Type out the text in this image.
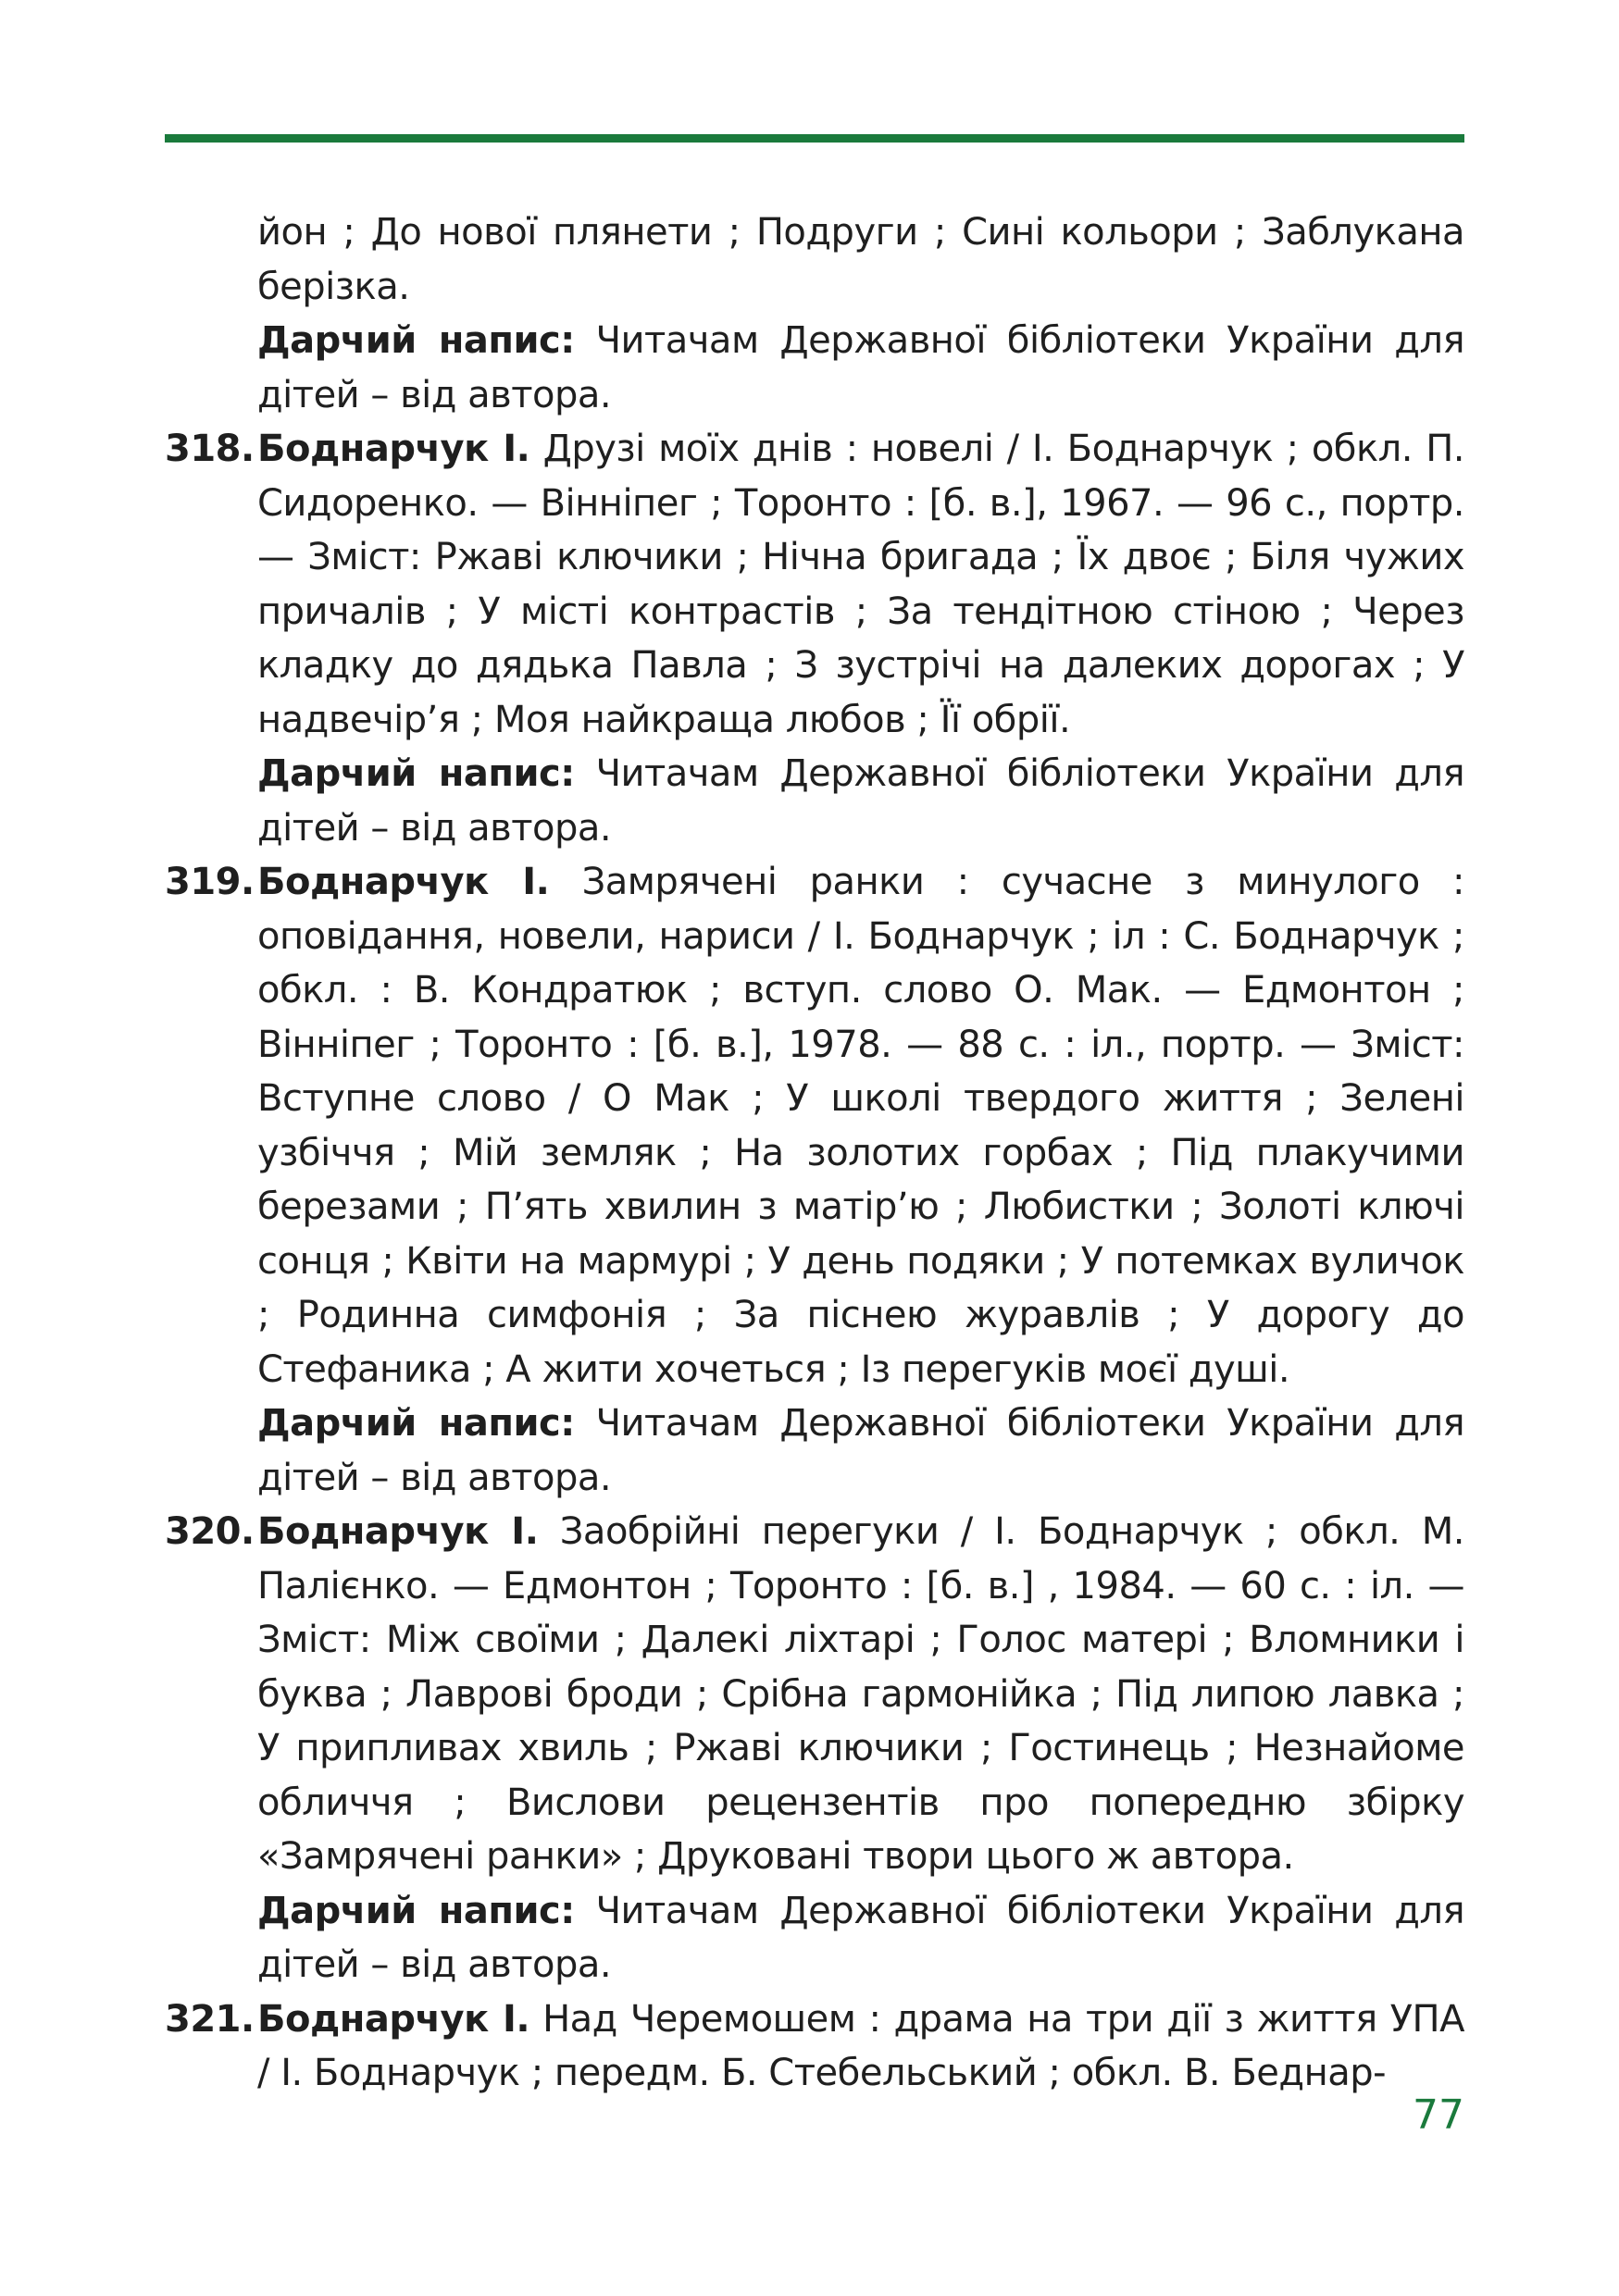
йон ; До нової плянети ; Подруги ; Сині кольори ; Заблукана берізка.

Дарчий напис: Читачам Державної бібліотеки України для дітей – від автора.

318.Боднарчук І. Друзі моїх днів : новелі / І. Боднарчук ; обкл. П. Сидоренко. — Вінніпег ; Торонто : [б. в.], 1967. — 96 с., портр. — Зміст: Ржаві ключики ; Нічна бригада ; Їх двоє ; Біля чужих причалів ; У місті контрастів ; За тендітною стіною ; Через кладку до дядька Павла ; З зустрічі на далеких дорогах ; У надвечір’я ; Моя найкраща любов ; Її обрії.

Дарчий напис: Читачам Державної бібліотеки України для дітей – від автора.

319.Боднарчук І. Замрячені ранки : сучасне з минулого : оповідання, новели, нариси / І. Боднарчук ; іл : С. Боднарчук ; обкл. : В. Кондратюк ; вступ. слово О. Мак. — Едмонтон ; Вінніпег ; Торонто : [б. в.], 1978. — 88 с. : іл., портр. — Зміст: Вступне слово / О Мак ; У школі твердого життя ; Зелені узбіччя ; Мій земляк ; На золотих горбах ; Під плакучими березами ; П’ять хвилин з матір’ю ; Любистки ; Золоті ключі сонця ; Квіти на мармурі ; У день подяки ; У потемках вуличок ; Родинна симфонія ; За піснею журавлів ; У дорогу до Стефаника ; А жити хочеться ; Із перегуків моєї душі.

Дарчий напис: Читачам Державної бібліотеки України для дітей – від автора.

320.Боднарчук І. Заобрійні перегуки / І. Боднарчук ; обкл. М. Палієнко. — Едмонтон ; Торонто : [б. в.] , 1984. — 60 с. : іл. — Зміст: Між своїми ; Далекі ліхтарі ; Голос матері ; Вломники і буква ; Лаврові броди ; Срібна гармонійка ; Під липою лавка ; У припливах хвиль ; Ржаві ключики ; Гостинець ; Незнайоме обличчя ; Вислови рецензентів про попередню збірку «Замрячені ранки» ; Друковані твори цього ж автора.

Дарчий напис: Читачам Державної бібліотеки України для дітей – від автора.

321.Боднарчук І. Над Черемошем : драма на три дії з життя УПА / І. Боднарчук ; передм. Б. Стебельський ; обкл. В. Беднар-

77
